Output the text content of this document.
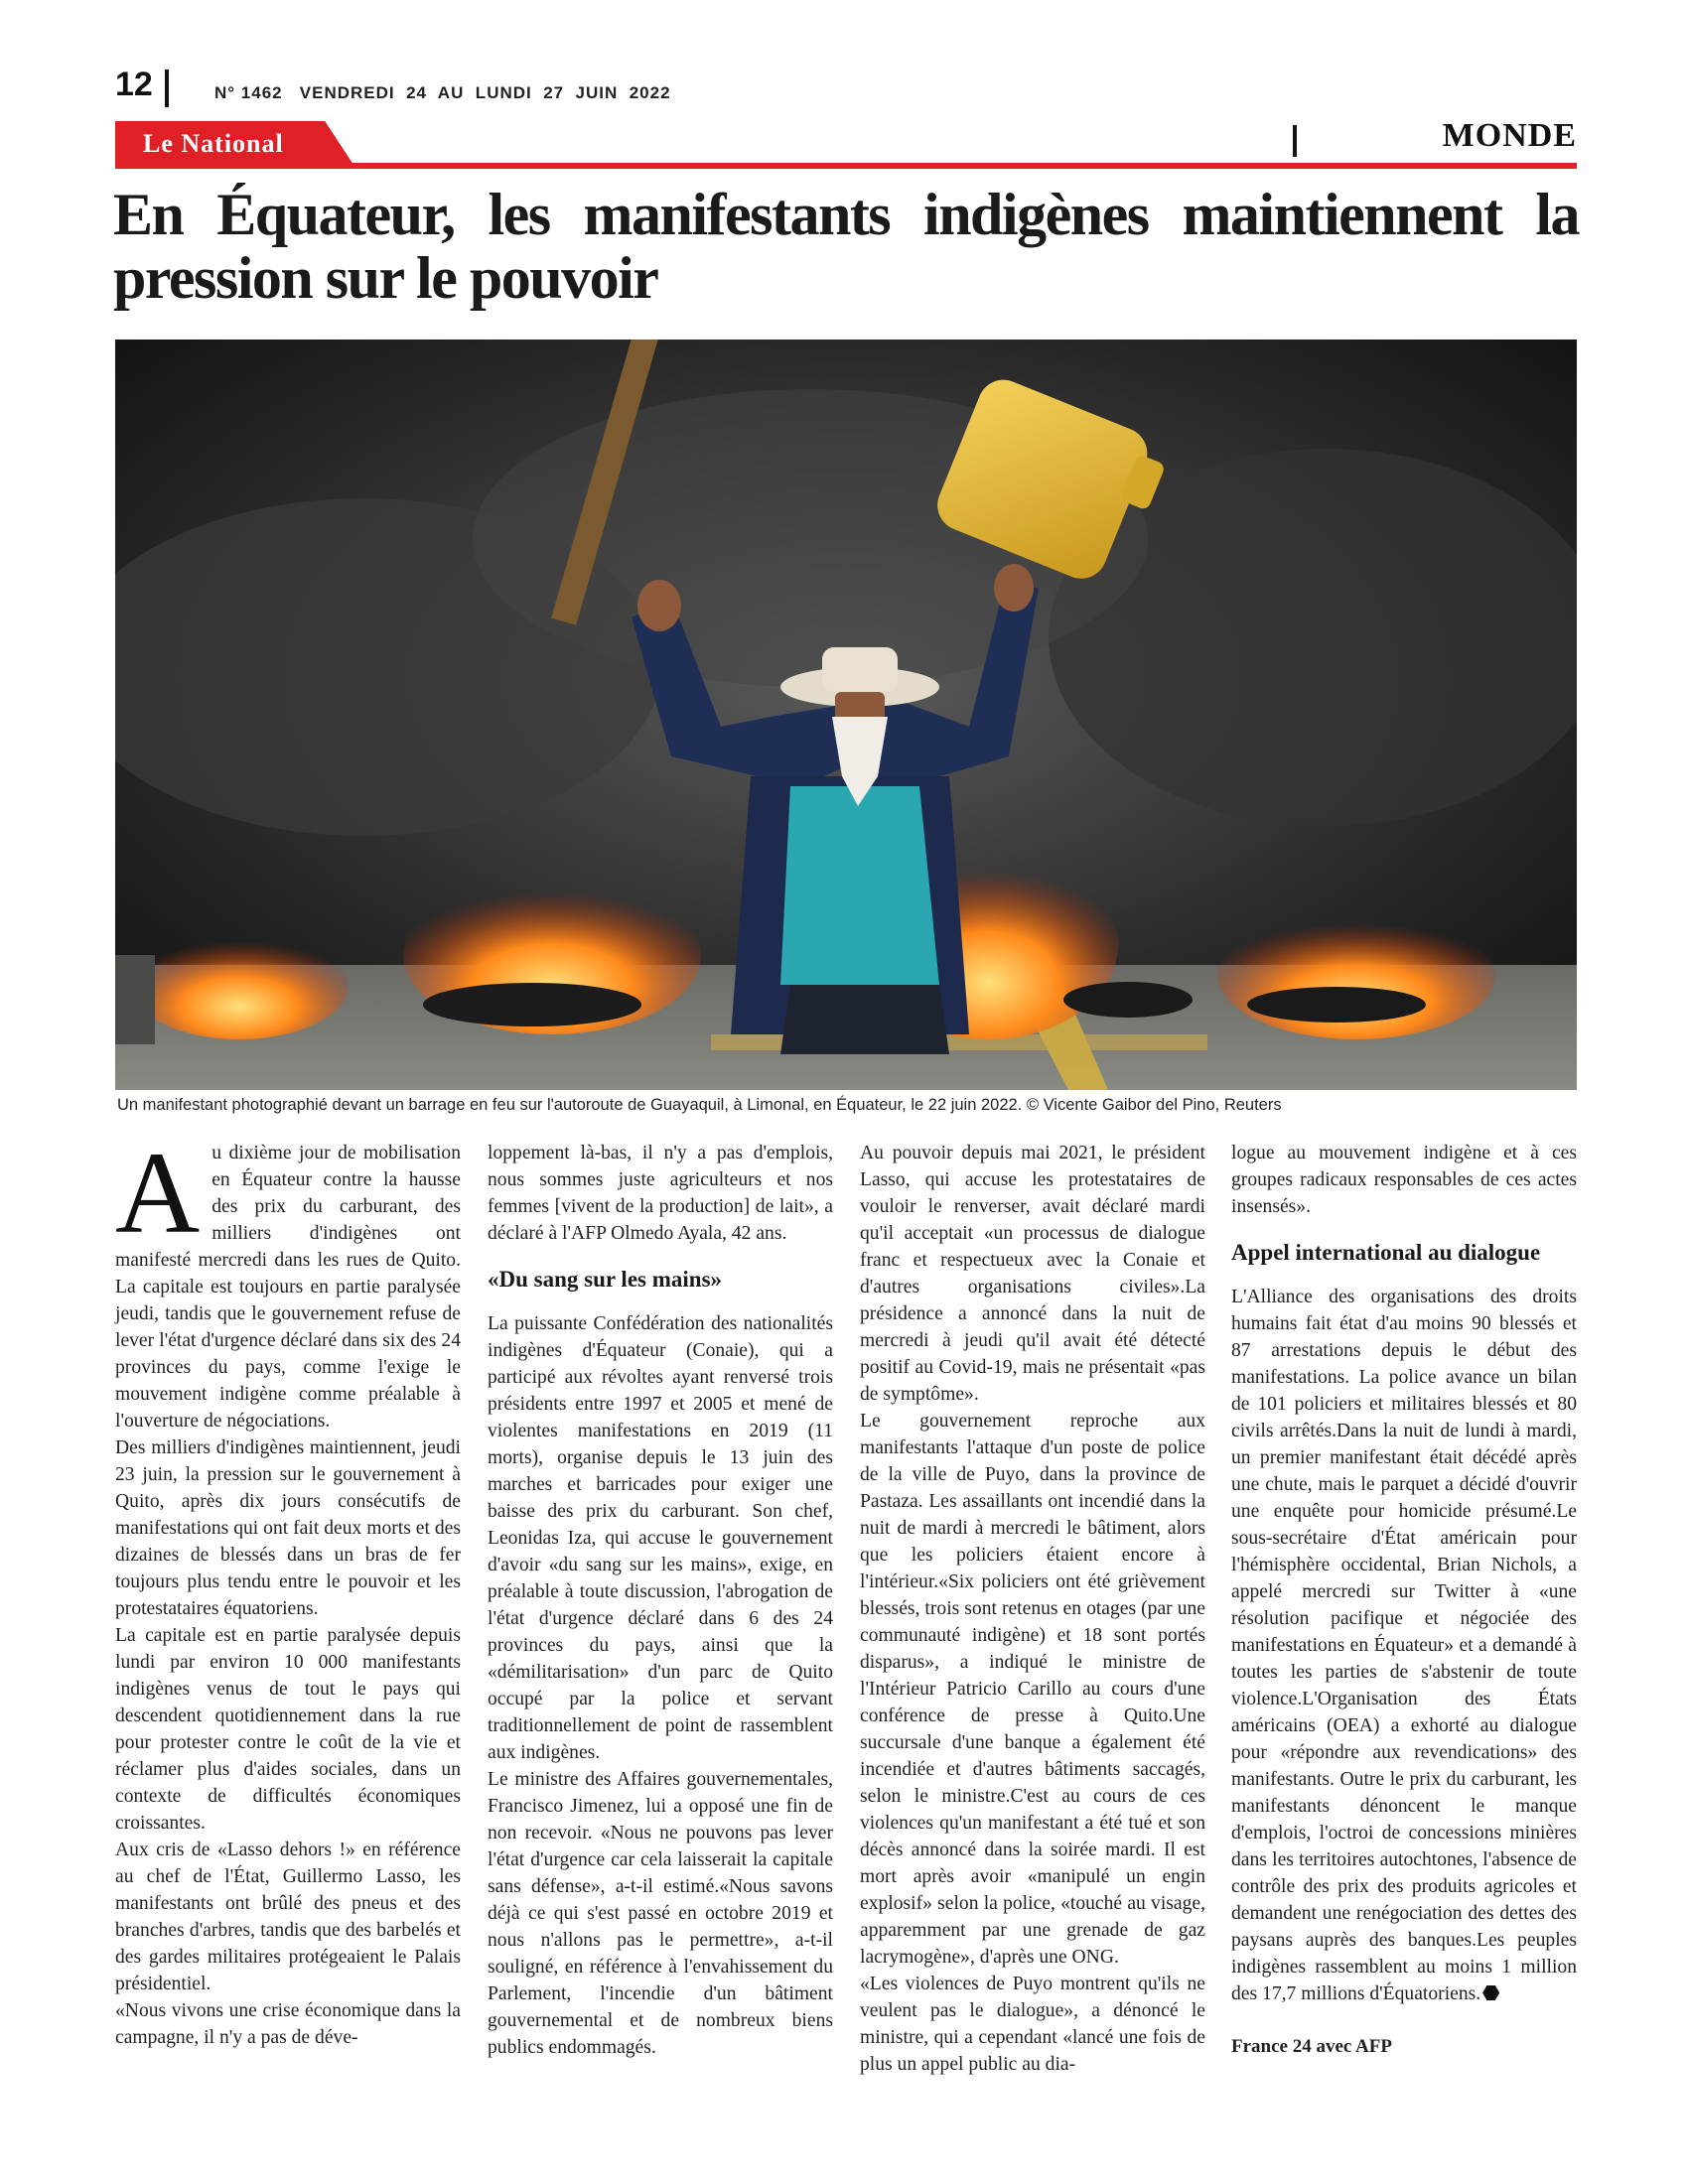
12	N° 1462   VENDREDI  24  AU  LUNDI  27  JUIN  2022
Le National	MONDE
En Équateur, les manifestants indigènes maintiennent la pression sur le pouvoir
Un manifestant photographié devant un barrage en feu sur l'autoroute de Guayaquil, à Limonal, en Équateur, le 22 juin 2022. © Vicente Gaibor del Pino, Reuters
A u dixième jour de mobilisation en Équateur contre la hausse des prix du carburant, des milliers d'indigènes ont manifesté mercredi dans les rues de Quito. La capitale est toujours en partie paralysée jeudi, tandis que le gouvernement refuse de lever l'état d'urgence déclaré dans six des 24 provinces du pays, comme l'exige le mouvement indigène comme préalable à l'ouverture de négociations.

Des milliers d'indigènes maintiennent, jeudi 23 juin, la pression sur le gouvernement à Quito, après dix jours consécutifs de manifestations qui ont fait deux morts et des dizaines de blessés dans un bras de fer toujours plus tendu entre le pouvoir et les protestataires équatoriens.

La capitale est en partie paralysée depuis lundi par environ 10 000 manifestants indigènes venus de tout le pays qui descendent quotidiennement dans la rue pour protester contre le coût de la vie et réclamer plus d'aides sociales, dans un contexte de difficultés économiques croissantes.

Aux cris de «Lasso dehors !» en référence au chef de l'État, Guillermo Lasso, les manifestants ont brûlé des pneus et des branches d'arbres, tandis que des barbelés et des gardes militaires protégeaient le Palais présidentiel.

«Nous vivons une crise économique dans la campagne, il n'y a pas de déve-

loppement là-bas, il n'y a pas d'emplois, nous sommes juste agriculteurs et nos femmes [vivent de la production] de lait», a déclaré à l'AFP Olmedo Ayala, 42 ans.

«Du sang sur les mains»

La puissante Confédération des nationalités indigènes d'Équateur (Conaie), qui a participé aux révoltes ayant renversé trois présidents entre 1997 et 2005 et mené de violentes manifestations en 2019 (11 morts), organise depuis le 13 juin des marches et barricades pour exiger une baisse des prix du carburant. Son chef, Leonidas Iza, qui accuse le gouvernement d'avoir «du sang sur les mains», exige, en préalable à toute discussion, l'abrogation de l'état d'urgence déclaré dans 6 des 24 provinces du pays, ainsi que la «démilitarisation» d'un parc de Quito occupé par la police et servant traditionnellement de point de rassemblent aux indigènes.

Le ministre des Affaires gouvernementales, Francisco Jimenez, lui a opposé une fin de non recevoir. «Nous ne pouvons pas lever l'état d'urgence car cela laisserait la capitale sans défense», a-t-il estimé.«Nous savons déjà ce qui s'est passé en octobre 2019 et nous n'allons pas le permettre», a-t-il souligné, en référence à l'envahissement du Parlement, l'incendie d'un bâtiment gouvernemental et de nombreux biens publics endommagés.

Au pouvoir depuis mai 2021, le président Lasso, qui accuse les protestataires de vouloir le renverser, avait déclaré mardi qu'il acceptait «un processus de dialogue franc et respectueux avec la Conaie et d'autres organisations civiles».La présidence a annoncé dans la nuit de mercredi à jeudi qu'il avait été détecté positif au Covid-19, mais ne présentait «pas de symptôme».

Le gouvernement reproche aux manifestants l'attaque d'un poste de police de la ville de Puyo, dans la province de Pastaza. Les assaillants ont incendié dans la nuit de mardi à mercredi le bâtiment, alors que les policiers étaient encore à l'intérieur.«Six policiers ont été grièvement blessés, trois sont retenus en otages (par une communauté indigène) et 18 sont portés disparus», a indiqué le ministre de l'Intérieur Patricio Carillo au cours d'une conférence de presse à Quito.Une succursale d'une banque a également été incendiée et d'autres bâtiments saccagés, selon le ministre.C'est au cours de ces violences qu'un manifestant a été tué et son décès annoncé dans la soirée mardi. Il est mort après avoir «manipulé un engin explosif» selon la police, «touché au visage, apparemment par une grenade de gaz lacrymogène», d'après une ONG.

«Les violences de Puyo montrent qu'ils ne veulent pas le dialogue», a dénoncé le ministre, qui a cependant «lancé une fois de plus un appel public au dia-

logue au mouvement indigène et à ces groupes radicaux responsables de ces actes insensés».

Appel international au dialogue

L'Alliance des organisations des droits humains fait état d'au moins 90 blessés et 87 arrestations depuis le début des manifestations. La police avance un bilan de 101 policiers et militaires blessés et 80 civils arrêtés.Dans la nuit de lundi à mardi, un premier manifestant était décédé après une chute, mais le parquet a décidé d'ouvrir une enquête pour homicide présumé.Le sous-secrétaire d'État américain pour l'hémisphère occidental, Brian Nichols, a appelé mercredi sur Twitter à «une résolution pacifique et négociée des manifestations en Équateur» et a demandé à toutes les parties de s'abstenir de toute violence.L'Organisation des États américains (OEA) a exhorté au dialogue pour «répondre aux revendications» des manifestants. Outre le prix du carburant, les manifestants dénoncent le manque d'emplois, l'octroi de concessions minières dans les territoires autochtones, l'absence de contrôle des prix des produits agricoles et demandent une renégociation des dettes des paysans auprès des banques.Les peuples indigènes rassemblent au moins 1 million des 17,7 millions d'Équatoriens.

France 24 avec AFP
